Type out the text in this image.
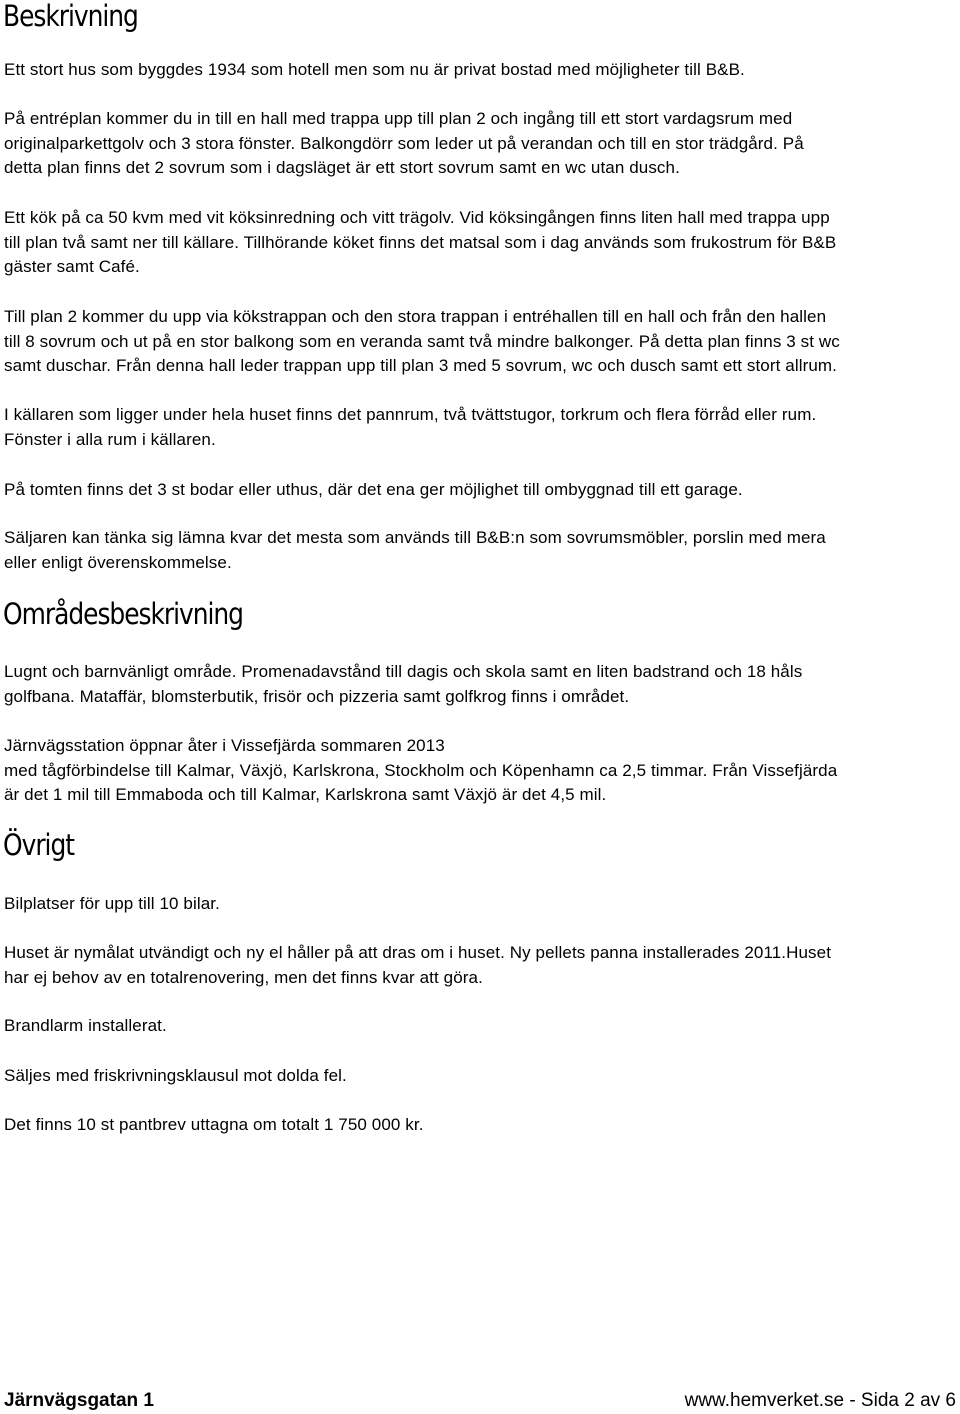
Beskrivning

Ett stort hus som byggdes 1934 som hotell men som nu är privat bostad med möjligheter till B&B.

På entréplan kommer du in till en hall med trappa upp till plan 2 och ingång till ett stort vardagsrum med
originalparkettgolv och 3 stora fönster. Balkongdörr som leder ut på verandan och till en stor trädgård. På
detta plan finns det 2 sovrum som i dagsläget är ett stort sovrum samt en wc utan dusch.

Ett kök på ca 50 kvm med vit köksinredning och vitt trägolv. Vid köksingången finns liten hall med trappa upp
till plan två samt ner till källare. Tillhörande köket finns det matsal som i dag används som frukostrum för B&B
gäster samt Café.

Till plan 2 kommer du upp via kökstrappan och den stora trappan i entréhallen till en hall och från den hallen
till 8 sovrum och ut på en stor balkong som en veranda samt två mindre balkonger. På detta plan finns 3 st wc
samt duschar. Från denna hall leder trappan upp till plan 3 med 5 sovrum, wc och dusch samt ett stort allrum.

I källaren som ligger under hela huset finns det pannrum, två tvättstugor, torkrum och flera förråd eller rum.
Fönster i alla rum i källaren.

På tomten finns det 3 st bodar eller uthus, där det ena ger möjlighet till ombyggnad till ett garage.

Säljaren kan tänka sig lämna kvar det mesta som används till B&B:n som sovrumsmöbler, porslin med mera
eller enligt överenskommelse.

Områdesbeskrivning

Lugnt och barnvänligt område. Promenadavstånd till dagis och skola samt en liten badstrand och 18 håls
golfbana. Mataffär, blomsterbutik, frisör och pizzeria samt golfkrog finns i området.

Järnvägsstation öppnar åter i Vissefjärda sommaren 2013
med tågförbindelse till Kalmar, Växjö, Karlskrona, Stockholm och Köpenhamn ca 2,5 timmar. Från Vissefjärda
är det 1 mil till Emmaboda och till Kalmar, Karlskrona samt Växjö är det 4,5 mil.

Övrigt

Bilplatser för upp till 10 bilar.

Huset är nymålat utvändigt och ny el håller på att dras om i huset. Ny pellets panna installerades 2011.Huset
har ej behov av en totalrenovering, men det finns kvar att göra.

Brandlarm installerat.

Säljes med friskrivningsklausul mot dolda fel.

Det finns 10 st pantbrev uttagna om totalt 1 750 000 kr.

Järnvägsgatan 1	www.hemverket.se - Sida 2 av 6
